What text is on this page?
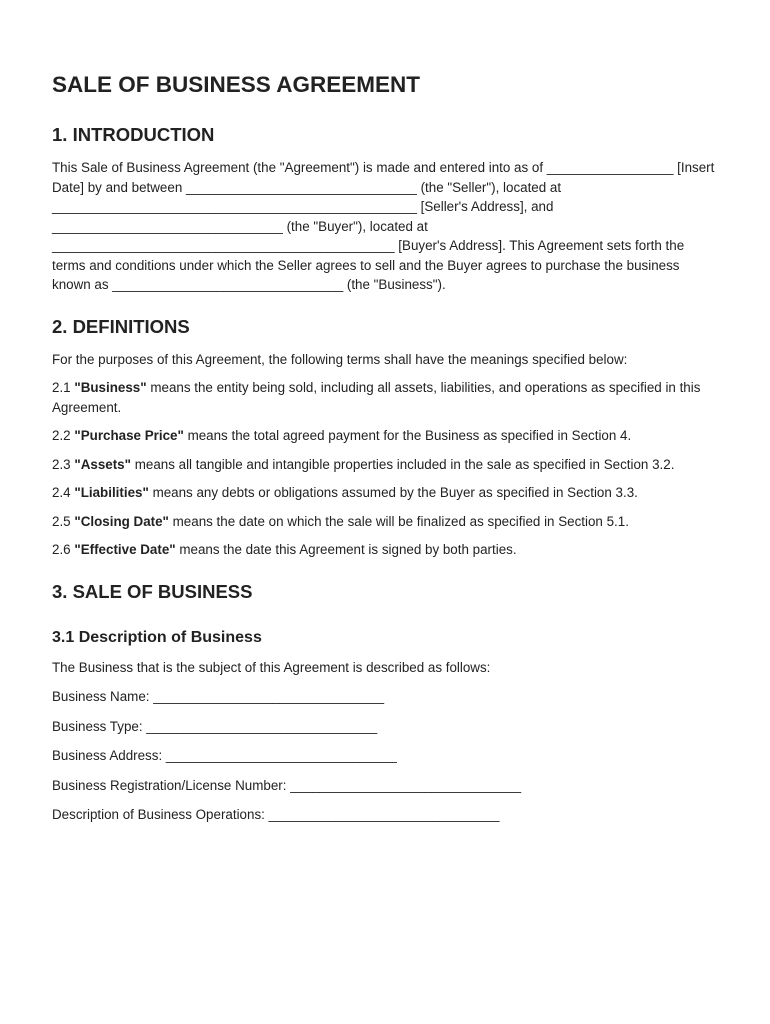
SALE OF BUSINESS AGREEMENT
1. INTRODUCTION

This Sale of Business Agreement (the "Agreement") is made and entered into as of _________________ [Insert Date] by and between _______________________________ (the "Seller"), located at _________________________________________________ [Seller's Address], and _______________________________ (the "Buyer"), located at ______________________________________________ [Buyer's Address]. This Agreement sets forth the terms and conditions under which the Seller agrees to sell and the Buyer agrees to purchase the business known as _______________________________ (the "Business").

2. DEFINITIONS

For the purposes of this Agreement, the following terms shall have the meanings specified below:

2.1 "Business" means the entity being sold, including all assets, liabilities, and operations as specified in this Agreement.

2.2 "Purchase Price" means the total agreed payment for the Business as specified in Section 4.

2.3 "Assets" means all tangible and intangible properties included in the sale as specified in Section 3.2.

2.4 "Liabilities" means any debts or obligations assumed by the Buyer as specified in Section 3.3.

2.5 "Closing Date" means the date on which the sale will be finalized as specified in Section 5.1.

2.6 "Effective Date" means the date this Agreement is signed by both parties.

3. SALE OF BUSINESS
3.1 Description of Business

The Business that is the subject of this Agreement is described as follows:

Business Name: _______________________________

Business Type: _______________________________

Business Address: _______________________________

Business Registration/License Number: _______________________________

Description of Business Operations: _______________________________
